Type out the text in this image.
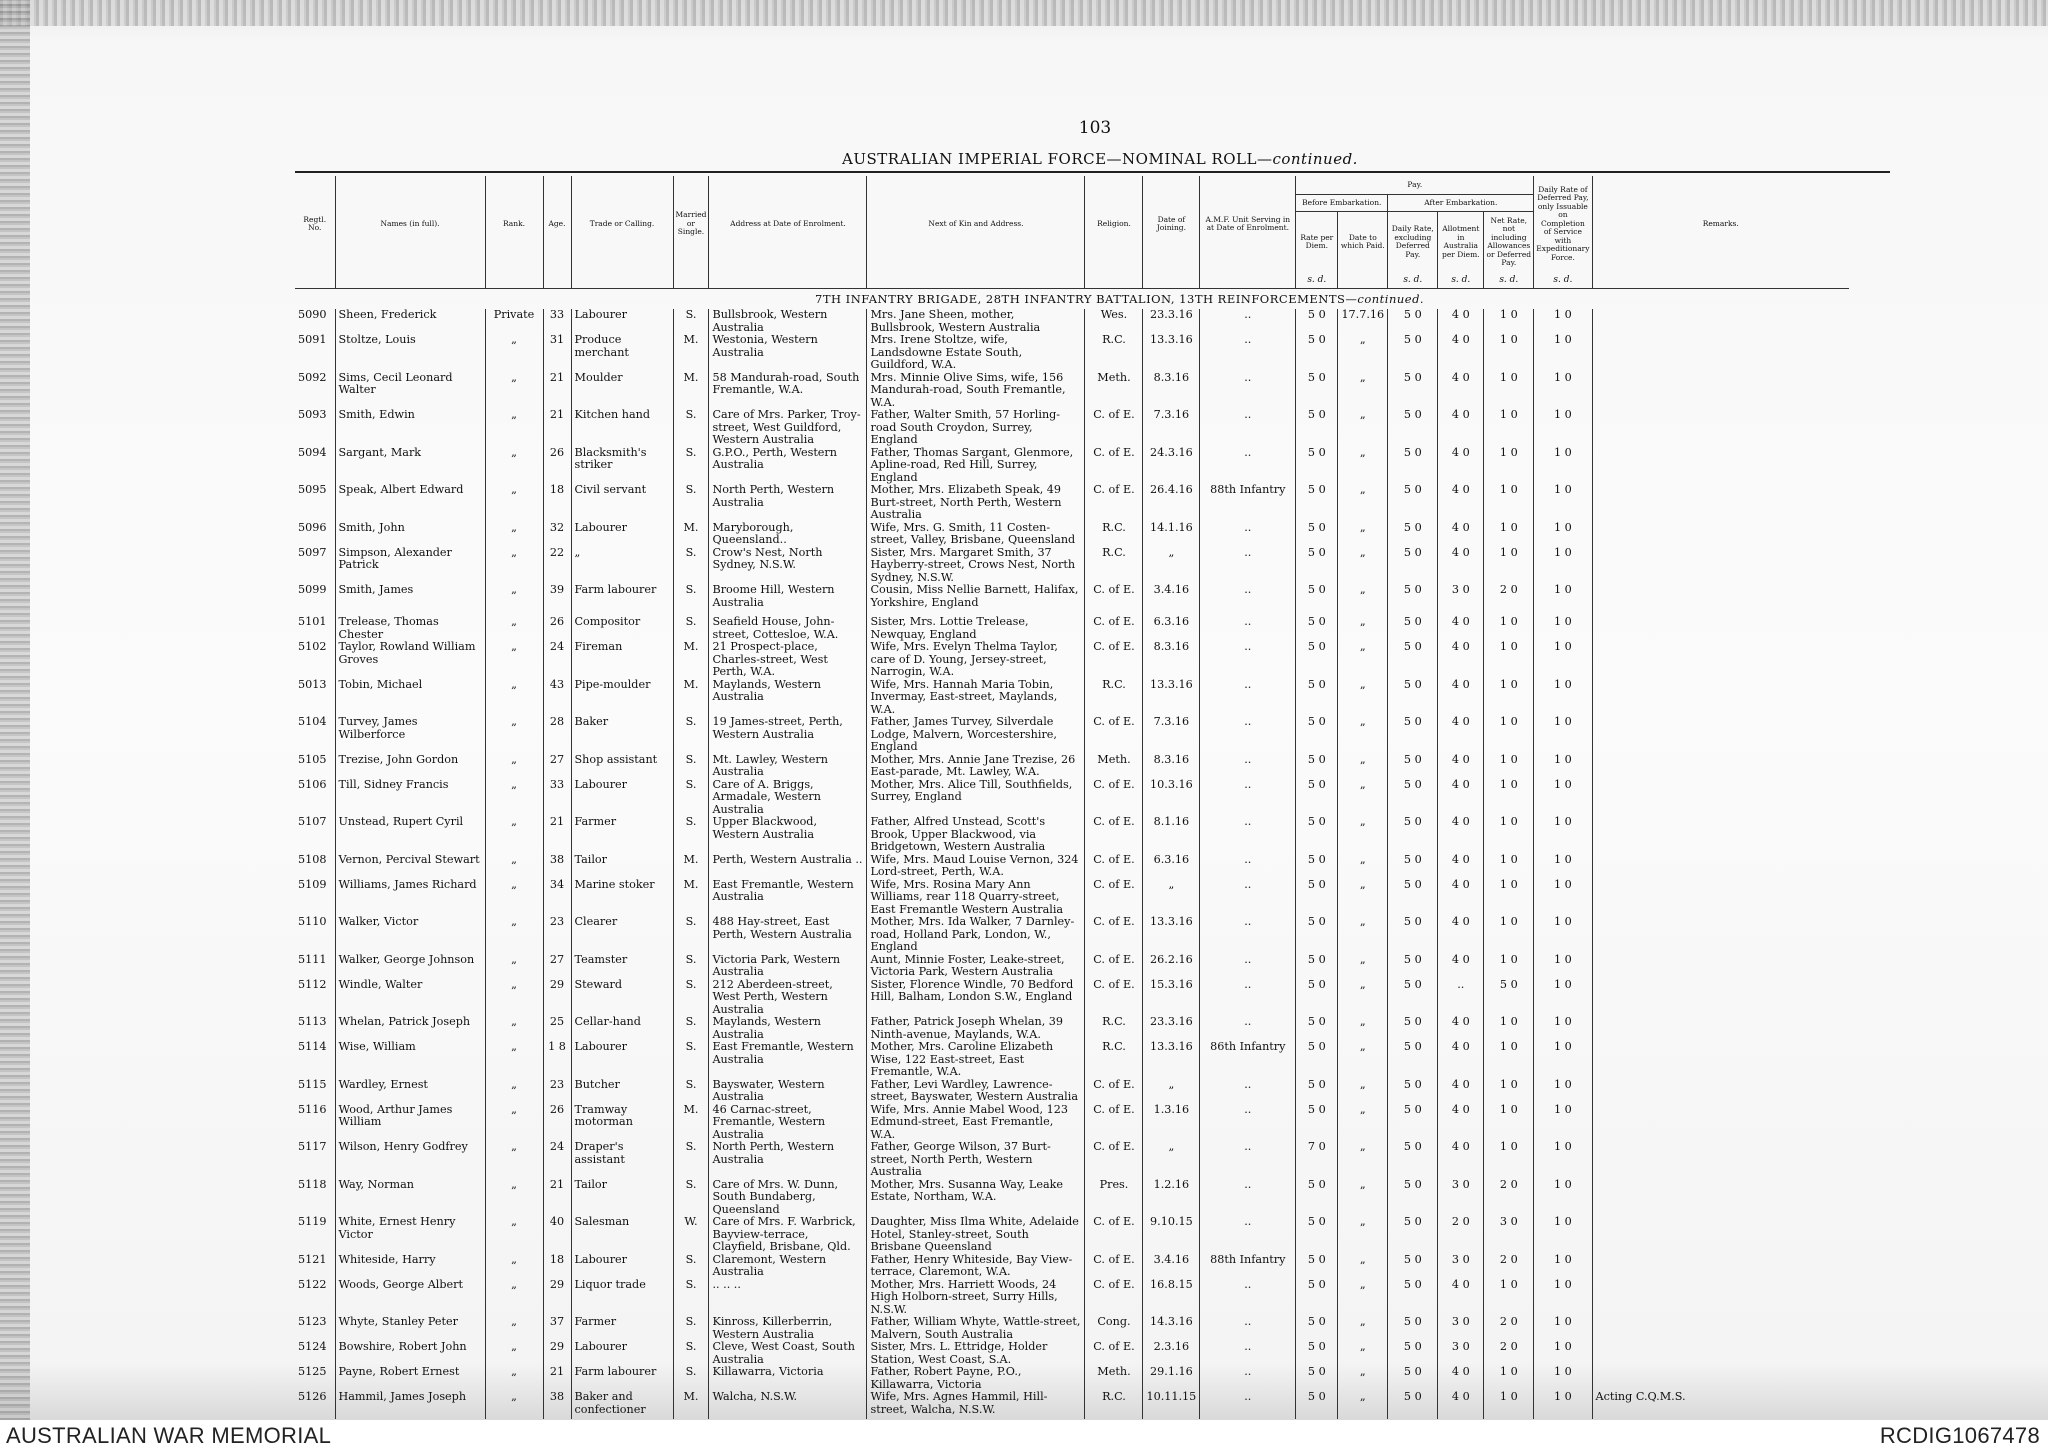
103
AUSTRALIAN IMPERIAL FORCE—NOMINAL ROLL—continued.
Regtl. No.	Names (in full).	Rank.	Age.	Trade or Calling.	Married or Single.	Address at Date of Enrolment.	Next of Kin and Address.	Religion.	Date of Joining.	A.M.F. Unit Serving in at Date of Enrolment.	Pay.					Daily Rate of Deferred Pay, only Issuable on Completion of Service with Expeditionary Force.	Remarks.
											Before Embarkation.		After Embarkation.				
											Rate per Diem.	Date to which Paid.	Daily Rate, excluding Deferred Pay.	Allotment in Australia per Diem.	Net Rate, not including Allowances or Deferred Pay.		
											s. d.		s. d.	s. d.	s. d.	s. d.	
7TH INFANTRY BRIGADE, 28TH INFANTRY BATTALION, 13TH REINFORCEMENTS—continued.																	
5090	Sheen, Frederick	Private	33	Labourer	S.	Bullsbrook, Western Australia	Mrs. Jane Sheen, mother, Bullsbrook, Western Australia	Wes.	23.3.16	..	5 0	17.7.16	5 0	4 0	1 0	1 0	
5091	Stoltze, Louis	„	31	Produce merchant	M.	Westonia, Western Australia	Mrs. Irene Stoltze, wife, Landsdowne Estate South, Guildford, W.A.	R.C.	13.3.16	..	5 0	„	5 0	4 0	1 0	1 0	
5092	Sims, Cecil Leonard Walter	„	21	Moulder	M.	58 Mandurah-road, South Fremantle, W.A.	Mrs. Minnie Olive Sims, wife, 156 Mandurah-road, South Fremantle, W.A.	Meth.	8.3.16	..	5 0	„	5 0	4 0	1 0	1 0	
5093	Smith, Edwin	„	21	Kitchen hand	S.	Care of Mrs. Parker, Troy-street, West Guildford, Western Australia	Father, Walter Smith, 57 Horling-road South Croydon, Surrey, England	C. of E.	7.3.16	..	5 0	„	5 0	4 0	1 0	1 0	
5094	Sargant, Mark	„	26	Blacksmith's striker	S.	G.P.O., Perth, Western Australia	Father, Thomas Sargant, Glenmore, Apline-road, Red Hill, Surrey, England	C. of E.	24.3.16	..	5 0	„	5 0	4 0	1 0	1 0	
5095	Speak, Albert Edward	„	18	Civil servant	S.	North Perth, Western Australia	Mother, Mrs. Elizabeth Speak, 49 Burt-street, North Perth, Western Australia	C. of E.	26.4.16	88th Infantry	5 0	„	5 0	4 0	1 0	1 0	
5096	Smith, John	„	32	Labourer	M.	Maryborough, Queensland..	Wife, Mrs. G. Smith, 11 Costen-street, Valley, Brisbane, Queensland	R.C.	14.1.16	..	5 0	„	5 0	4 0	1 0	1 0	
5097	Simpson, Alexander Patrick	„	22	„	S.	Crow's Nest, North Sydney, N.S.W.	Sister, Mrs. Margaret Smith, 37 Hayberry-street, Crows Nest, North Sydney, N.S.W.	R.C.	„	..	5 0	„	5 0	4 0	1 0	1 0	
5099	Smith, James	„	39	Farm labourer	S.	Broome Hill, Western Australia	Cousin, Miss Nellie Barnett, Halifax, Yorkshire, England	C. of E.	3.4.16	..	5 0	„	5 0	3 0	2 0	1 0	
5101	Trelease, Thomas Chester	„	26	Compositor	S.	Seafield House, John-street, Cottesloe, W.A.	Sister, Mrs. Lottie Trelease, Newquay, England	C. of E.	6.3.16	..	5 0	„	5 0	4 0	1 0	1 0	
5102	Taylor, Rowland William Groves	„	24	Fireman	M.	21 Prospect-place, Charles-street, West Perth, W.A.	Wife, Mrs. Evelyn Thelma Taylor, care of D. Young, Jersey-street, Narrogin, W.A.	C. of E.	8.3.16	..	5 0	„	5 0	4 0	1 0	1 0	
5013	Tobin, Michael	„	43	Pipe-moulder	M.	Maylands, Western Australia	Wife, Mrs. Hannah Maria Tobin, Invermay, East-street, Maylands, W.A.	R.C.	13.3.16	..	5 0	„	5 0	4 0	1 0	1 0	
5104	Turvey, James Wilberforce	„	28	Baker	S.	19 James-street, Perth, Western Australia	Father, James Turvey, Silverdale Lodge, Malvern, Worcestershire, England	C. of E.	7.3.16	..	5 0	„	5 0	4 0	1 0	1 0	
5105	Trezise, John Gordon	„	27	Shop assistant	S.	Mt. Lawley, Western Australia	Mother, Mrs. Annie Jane Trezise, 26 East-parade, Mt. Lawley, W.A.	Meth.	8.3.16	..	5 0	„	5 0	4 0	1 0	1 0	
5106	Till, Sidney Francis	„	33	Labourer	S.	Care of A. Briggs, Armadale, Western Australia	Mother, Mrs. Alice Till, Southfields, Surrey, England	C. of E.	10.3.16	..	5 0	„	5 0	4 0	1 0	1 0	
5107	Unstead, Rupert Cyril	„	21	Farmer	S.	Upper Blackwood, Western Australia	Father, Alfred Unstead, Scott's Brook, Upper Blackwood, via Bridgetown, Western Australia	C. of E.	8.1.16	..	5 0	„	5 0	4 0	1 0	1 0	
5108	Vernon, Percival Stewart	„	38	Tailor	M.	Perth, Western Australia ..	Wife, Mrs. Maud Louise Vernon, 324 Lord-street, Perth, W.A.	C. of E.	6.3.16	..	5 0	„	5 0	4 0	1 0	1 0	
5109	Williams, James Richard	„	34	Marine stoker	M.	East Fremantle, Western Australia	Wife, Mrs. Rosina Mary Ann Williams, rear 118 Quarry-street, East Fremantle Western Australia	C. of E.	„	..	5 0	„	5 0	4 0	1 0	1 0	
5110	Walker, Victor	„	23	Clearer	S.	488 Hay-street, East Perth, Western Australia	Mother, Mrs. Ida Walker, 7 Darnley-road, Holland Park, London, W., England	C. of E.	13.3.16	..	5 0	„	5 0	4 0	1 0	1 0	
5111	Walker, George Johnson	„	27	Teamster	S.	Victoria Park, Western Australia	Aunt, Minnie Foster, Leake-street, Victoria Park, Western Australia	C. of E.	26.2.16	..	5 0	„	5 0	4 0	1 0	1 0	
5112	Windle, Walter	„	29	Steward	S.	212 Aberdeen-street, West Perth, Western Australia	Sister, Florence Windle, 70 Bedford Hill, Balham, London S.W., England	C. of E.	15.3.16	..	5 0	„	5 0	..	5 0	1 0	
5113	Whelan, Patrick Joseph	„	25	Cellar-hand	S.	Maylands, Western Australia	Father, Patrick Joseph Whelan, 39 Ninth-avenue, Maylands, W.A.	R.C.	23.3.16	..	5 0	„	5 0	4 0	1 0	1 0	
5114	Wise, William	„	1 8	Labourer	S.	East Fremantle, Western Australia	Mother, Mrs. Caroline Elizabeth Wise, 122 East-street, East Fremantle, W.A.	R.C.	13.3.16	86th Infantry	5 0	„	5 0	4 0	1 0	1 0	
5115	Wardley, Ernest	„	23	Butcher	S.	Bayswater, Western Australia	Father, Levi Wardley, Lawrence-street, Bayswater, Western Australia	C. of E.	„	..	5 0	„	5 0	4 0	1 0	1 0	
5116	Wood, Arthur James William	„	26	Tramway motorman	M.	46 Carnac-street, Fremantle, Western Australia	Wife, Mrs. Annie Mabel Wood, 123 Edmund-street, East Fremantle, W.A.	C. of E.	1.3.16	..	5 0	„	5 0	4 0	1 0	1 0	
5117	Wilson, Henry Godfrey	„	24	Draper's assistant	S.	North Perth, Western Australia	Father, George Wilson, 37 Burt-street, North Perth, Western Australia	C. of E.	„	..	7 0	„	5 0	4 0	1 0	1 0	
5118	Way, Norman	„	21	Tailor	S.	Care of Mrs. W. Dunn, South Bundaberg, Queensland	Mother, Mrs. Susanna Way, Leake Estate, Northam, W.A.	Pres.	1.2.16	..	5 0	„	5 0	3 0	2 0	1 0	
5119	White, Ernest Henry Victor	„	40	Salesman	W.	Care of Mrs. F. Warbrick, Bayview-terrace, Clayfield, Brisbane, Qld.	Daughter, Miss Ilma White, Adelaide Hotel, Stanley-street, South Brisbane Queensland	C. of E.	9.10.15	..	5 0	„	5 0	2 0	3 0	1 0	
5121	Whiteside, Harry	„	18	Labourer	S.	Claremont, Western Australia	Father, Henry Whiteside, Bay View-terrace, Claremont, W.A.	C. of E.	3.4.16	88th Infantry	5 0	„	5 0	3 0	2 0	1 0	
5122	Woods, George Albert	„	29	Liquor trade	S.	.. .. ..	Mother, Mrs. Harriett Woods, 24 High Holborn-street, Surry Hills, N.S.W.	C. of E.	16.8.15	..	5 0	„	5 0	4 0	1 0	1 0	
5123	Whyte, Stanley Peter	„	37	Farmer	S.	Kinross, Killerberrin, Western Australia	Father, William Whyte, Wattle-street, Malvern, South Australia	Cong.	14.3.16	..	5 0	„	5 0	3 0	2 0	1 0	
5124	Bowshire, Robert John	„	29	Labourer	S.	Cleve, West Coast, South Australia	Sister, Mrs. L. Ettridge, Holder Station, West Coast, S.A.	C. of E.	2.3.16	..	5 0	„	5 0	3 0	2 0	1 0	
5125	Payne, Robert Ernest	„	21	Farm labourer	S.	Killawarra, Victoria	Father, Robert Payne, P.O., Killawarra, Victoria	Meth.	29.1.16	..	5 0	„	5 0	4 0	1 0	1 0	
5126	Hammil, James Joseph	„	38	Baker and confectioner	M.	Walcha, N.S.W.	Wife, Mrs. Agnes Hammil, Hill-street, Walcha, N.S.W.	R.C.	10.11.15	..	5 0	„	5 0	4 0	1 0	1 0	Acting C.Q.M.S.
AUSTRALIAN WAR MEMORIAL	RCDIG1067478
